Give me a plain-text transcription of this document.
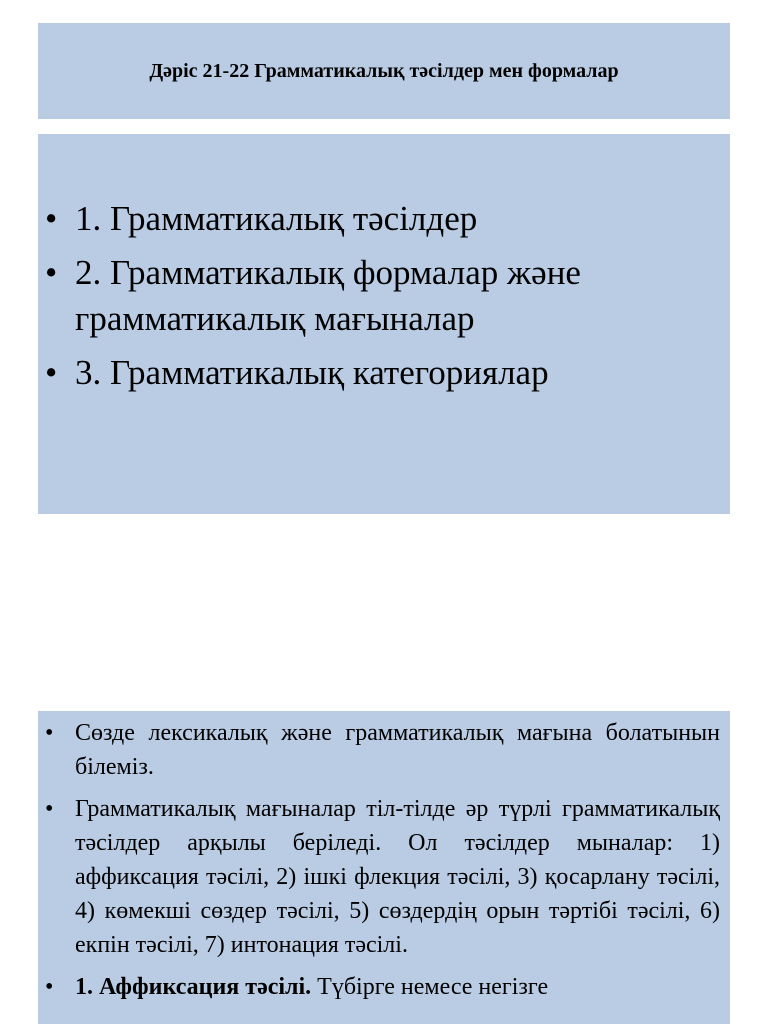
Дәріс 21-22 Грамматикалық тәсілдер мен формалар
• 1. Грамматикалық тәсілдер
• 2. Грамматикалық формалар және грамматикалық мағыналар
• 3. Грамматикалық категориялар
• Сөзде лексикалық және грамматикалық мағына болатынын білеміз.
• Грамматикалық мағыналар тіл-тілде әр түрлі грамматикалық тәсілдер арқылы беріледі. Ол тәсілдер мыналар: 1) аффиксация тәсілі, 2) ішкі флекция тәсілі, 3) қосарлану тәсілі, 4) көмекші сөздер тәсілі, 5) сөздердің орын тәртібі тәсілі, 6) екпін тәсілі, 7) интонация тәсілі.
• 1. Аффиксация тәсілі. Түбірге немесе негізге
